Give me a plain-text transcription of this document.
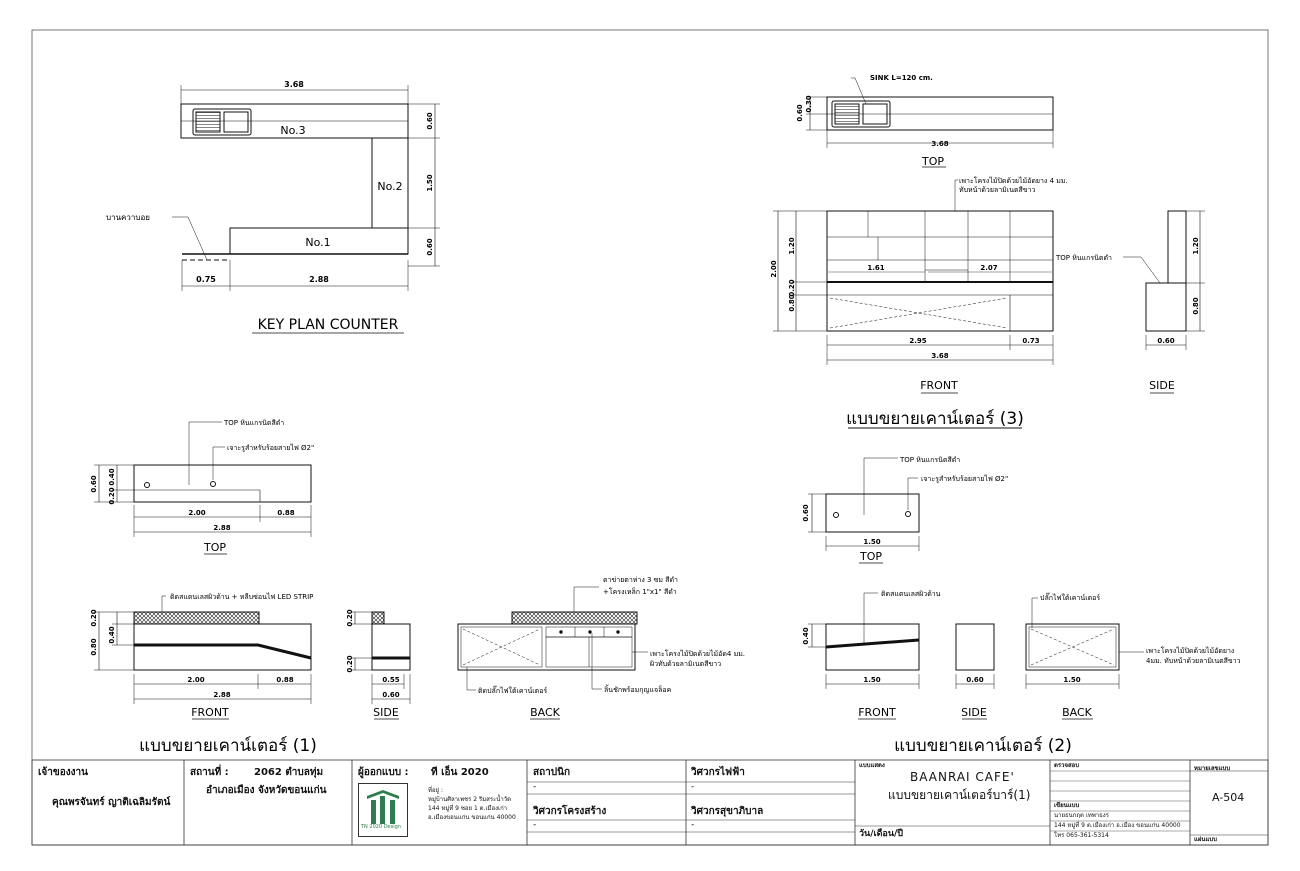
3.68
No.3
No.2
No.1
0.60
1.50
0.60
0.75	2.88
บานควาบอย
KEY PLAN COUNTER
SINK L=120 cm.
3.68
0.60
0.30
TOP
เพาะโครงไม้ปิดด้วยไม้อัดยาง 4 มม.
ทับหน้าด้วยลามิเนตสีขาว
1.61	2.07
2.95	0.73
3.68
2.00
1.20
0.20
0.80
FRONT
TOP หินแกรนิตดำ
0.60
1.20
0.80
SIDE
แบบขยายเคาน์เตอร์ (3)
TOP หินแกรนิตสีดำ
เจาะรูสำหรับร้อยสายไฟ Ø2"
2.00	0.88
2.88
0.60 0.40
0.20
TOP
ติดสแตนเลสผิวด้าน + หลืบซ่อนไฟ LED STRIP
2.00	0.88
2.88
0.20
0.40
0.80
FRONT
0.55
0.60
0.20
0.20
SIDE
ตาข่ายตาห่าง 3 ซม สีดำ
+โครงเหล็ก 1"x1" สีดำ
เพาะโครงไม้ปิดด้วยไม้อัด4 มม.
ผิวทับด้วยลามิเนตสีขาว
ติดปลั๊กไฟใต้เคาน์เตอร์	ลิ้นชักพร้อมกุญแจล็อค
BACK
แบบขยายเคาน์เตอร์ (1)
TOP หินแกรนิตสีดำ
เจาะรูสำหรับร้อยสายไฟ Ø2"
1.50
0.60
TOP
ติดสแตนเลสผิวด้าน
1.50
0.40
FRONT
0.60
SIDE
ปลั๊กไฟใต้เคาน์เตอร์
เพาะโครงไม้ปิดด้วยไม้อัดยาง
4มม. ทับหน้าด้วยลามิเนตสีขาว
1.50
BACK
แบบขยายเคาน์เตอร์ (2)
เจ้าของงาน
คุณพรจันทร์ ญาติเฉลิมรัตน์
สถานที่ :	2062 ตำบลทุ่ม
อำเภอเมือง จังหวัดขอนแก่น
ผู้ออกแบบ : ที เอ็น 2020
TN 2020 Design
ที่อยู่ :
หมู่บ้านศิลาเพชร 2 ริมสระน้ำวัด
144 หมู่ที่ 9 ซอย 1 ต.เมืองเก่า
อ.เมืองขอนแก่น ขอนแก่น 40000
สถาปนิก
-
วิศวกรโครงสร้าง
-
วิศวกรไฟฟ้า
-
วิศวกรสุขาภิบาล
-
แบบแสดง
BAANRAI CAFE'
แบบขยายเคาน์เตอร์บาร์(1)
วัน/เดือน/ปี
ตรวจสอบ
เขียนแบบ
นายธนกฤต เทพาธงร
144 หมู่ที่ 9 ต.เมืองเก่า อ.เมือง ขอนแก่น 40000
โทร 065-361-5314
หมายเลขแบบ
A-504
แผ่นแบบ
